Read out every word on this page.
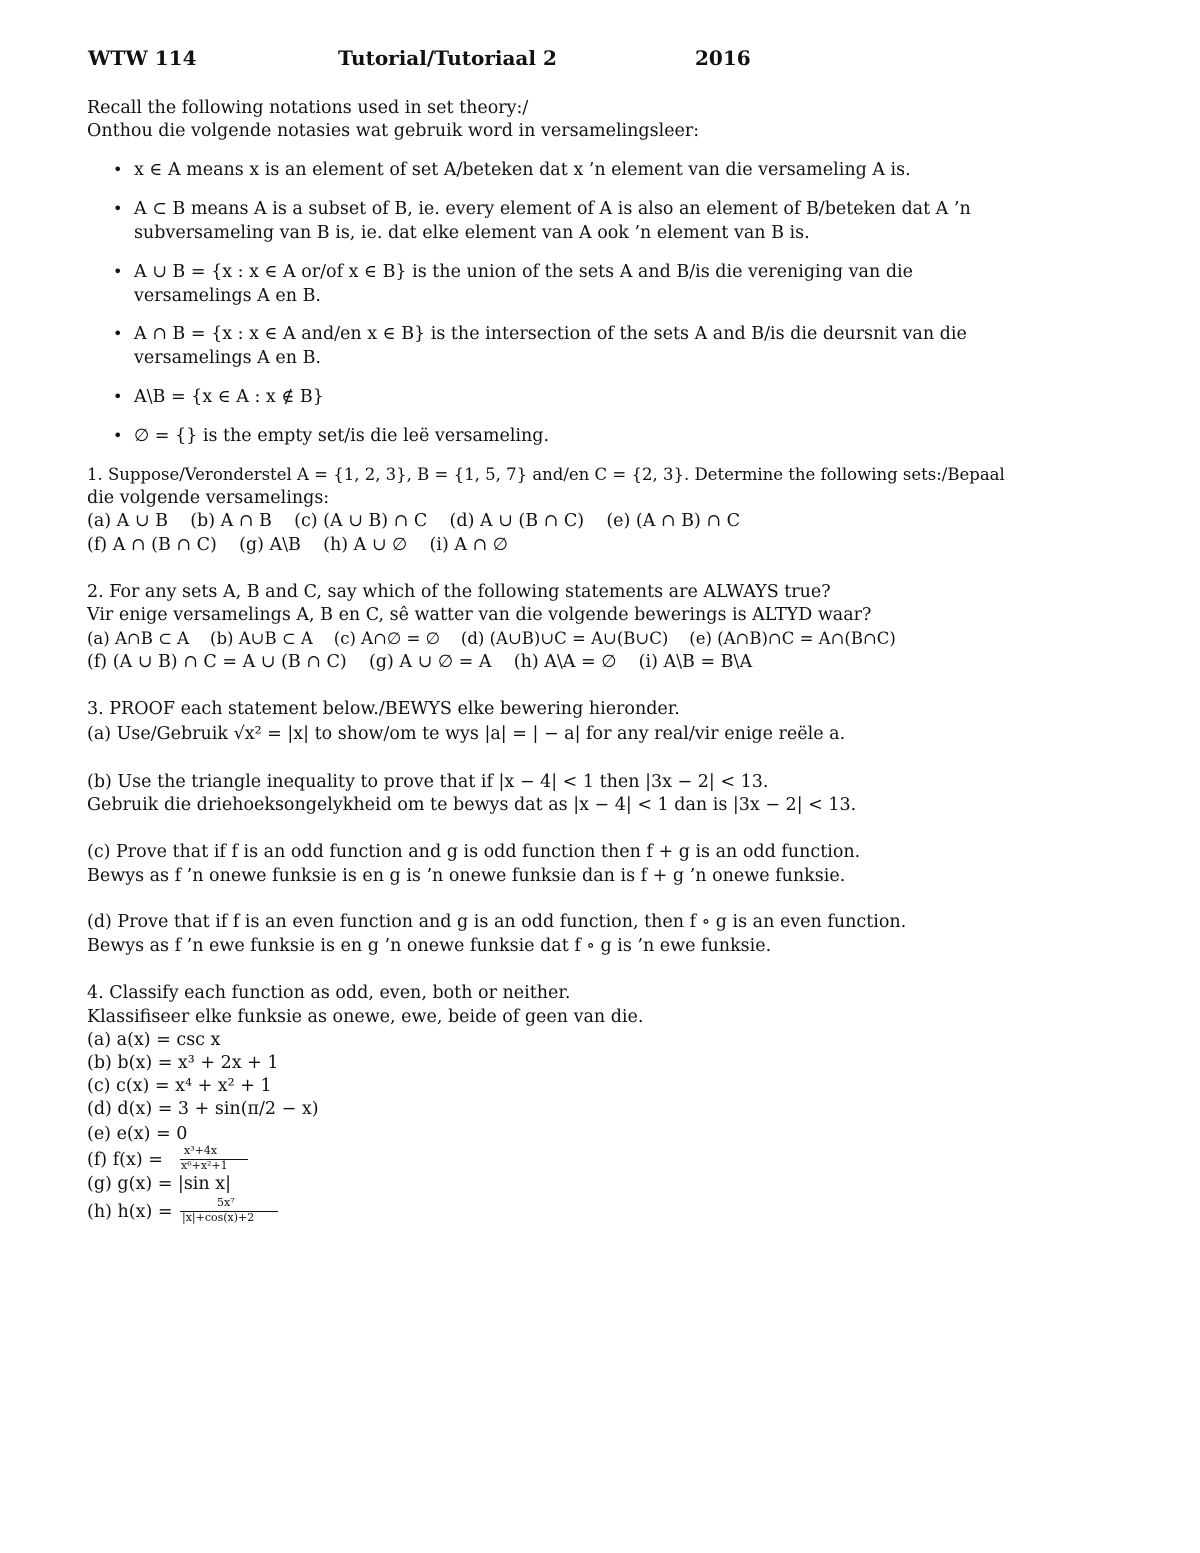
WTW 114	Tutorial/Tutoriaal 2	2016
Recall the following notations used in set theory:/
Onthou die volgende notasies wat gebruik word in versamelingsleer:
• x ∈ A means x is an element of set A/beteken dat x ’n element van die versameling A is.
• A ⊂ B means A is a subset of B, ie. every element of A is also an element of B/beteken dat A ’n
subversameling van B is, ie. dat elke element van A ook ’n element van B is.
• A ∪ B = {x : x ∈ A or/of x ∈ B} is the union of the sets A and B/is die vereniging van die
versamelings A en B.
• A ∩ B = {x : x ∈ A and/en x ∈ B} is the intersection of the sets A and B/is die deursnit van die
versamelings A en B.
• A\B = {x ∈ A : x ∉ B}
• ∅ = {} is the empty set/is die leë versameling.
1. Suppose/Veronderstel A = {1, 2, 3}, B = {1, 5, 7} and/en C = {2, 3}. Determine the following sets:/Bepaal
die volgende versamelings:
(a) A ∪ B    (b) A ∩ B    (c) (A ∪ B) ∩ C    (d) A ∪ (B ∩ C)    (e) (A ∩ B) ∩ C
(f) A ∩ (B ∩ C)    (g) A\B    (h) A ∪ ∅    (i) A ∩ ∅
2. For any sets A, B and C, say which of the following statements are ALWAYS true?
Vir enige versamelings A, B en C, sê watter van die volgende bewerings is ALTYD waar?
(a) A∩B ⊂ A    (b) A∪B ⊂ A    (c) A∩∅ = ∅    (d) (A∪B)∪C = A∪(B∪C)    (e) (A∩B)∩C = A∩(B∩C)
(f) (A ∪ B) ∩ C = A ∪ (B ∩ C)    (g) A ∪ ∅ = A    (h) A\A = ∅    (i) A\B = B\A
3. PROOF each statement below./BEWYS elke bewering hieronder.
(a) Use/Gebruik √x² = |x| to show/om te wys |a| = | − a| for any real/vir enige reële a.
(b) Use the triangle inequality to prove that if |x − 4| < 1 then |3x − 2| < 13.
Gebruik die driehoeksongelykheid om te bewys dat as |x − 4| < 1 dan is |3x − 2| < 13.
(c) Prove that if f is an odd function and g is odd function then f + g is an odd function.
Bewys as f ’n onewe funksie is en g is ’n onewe funksie dan is f + g ’n onewe funksie.
(d) Prove that if f is an even function and g is an odd function, then f ∘ g is an even function.
Bewys as f ’n ewe funksie is en g ’n onewe funksie dat f ∘ g is ’n ewe funksie.
4. Classify each function as odd, even, both or neither.
Klassifiseer elke funksie as onewe, ewe, beide of geen van die.
(a) a(x) = csc x
(b) b(x) = x³ + 2x + 1
(c) c(x) = x⁴ + x² + 1
(d) d(x) = 3 + sin(π/2 − x)
(e) e(x) = 0
(f) f(x) = x³+4x
x⁶+x²+1
(g) g(x) = |sin x|
(h) h(x) =	5x⁷
|x|+cos(x)+2
